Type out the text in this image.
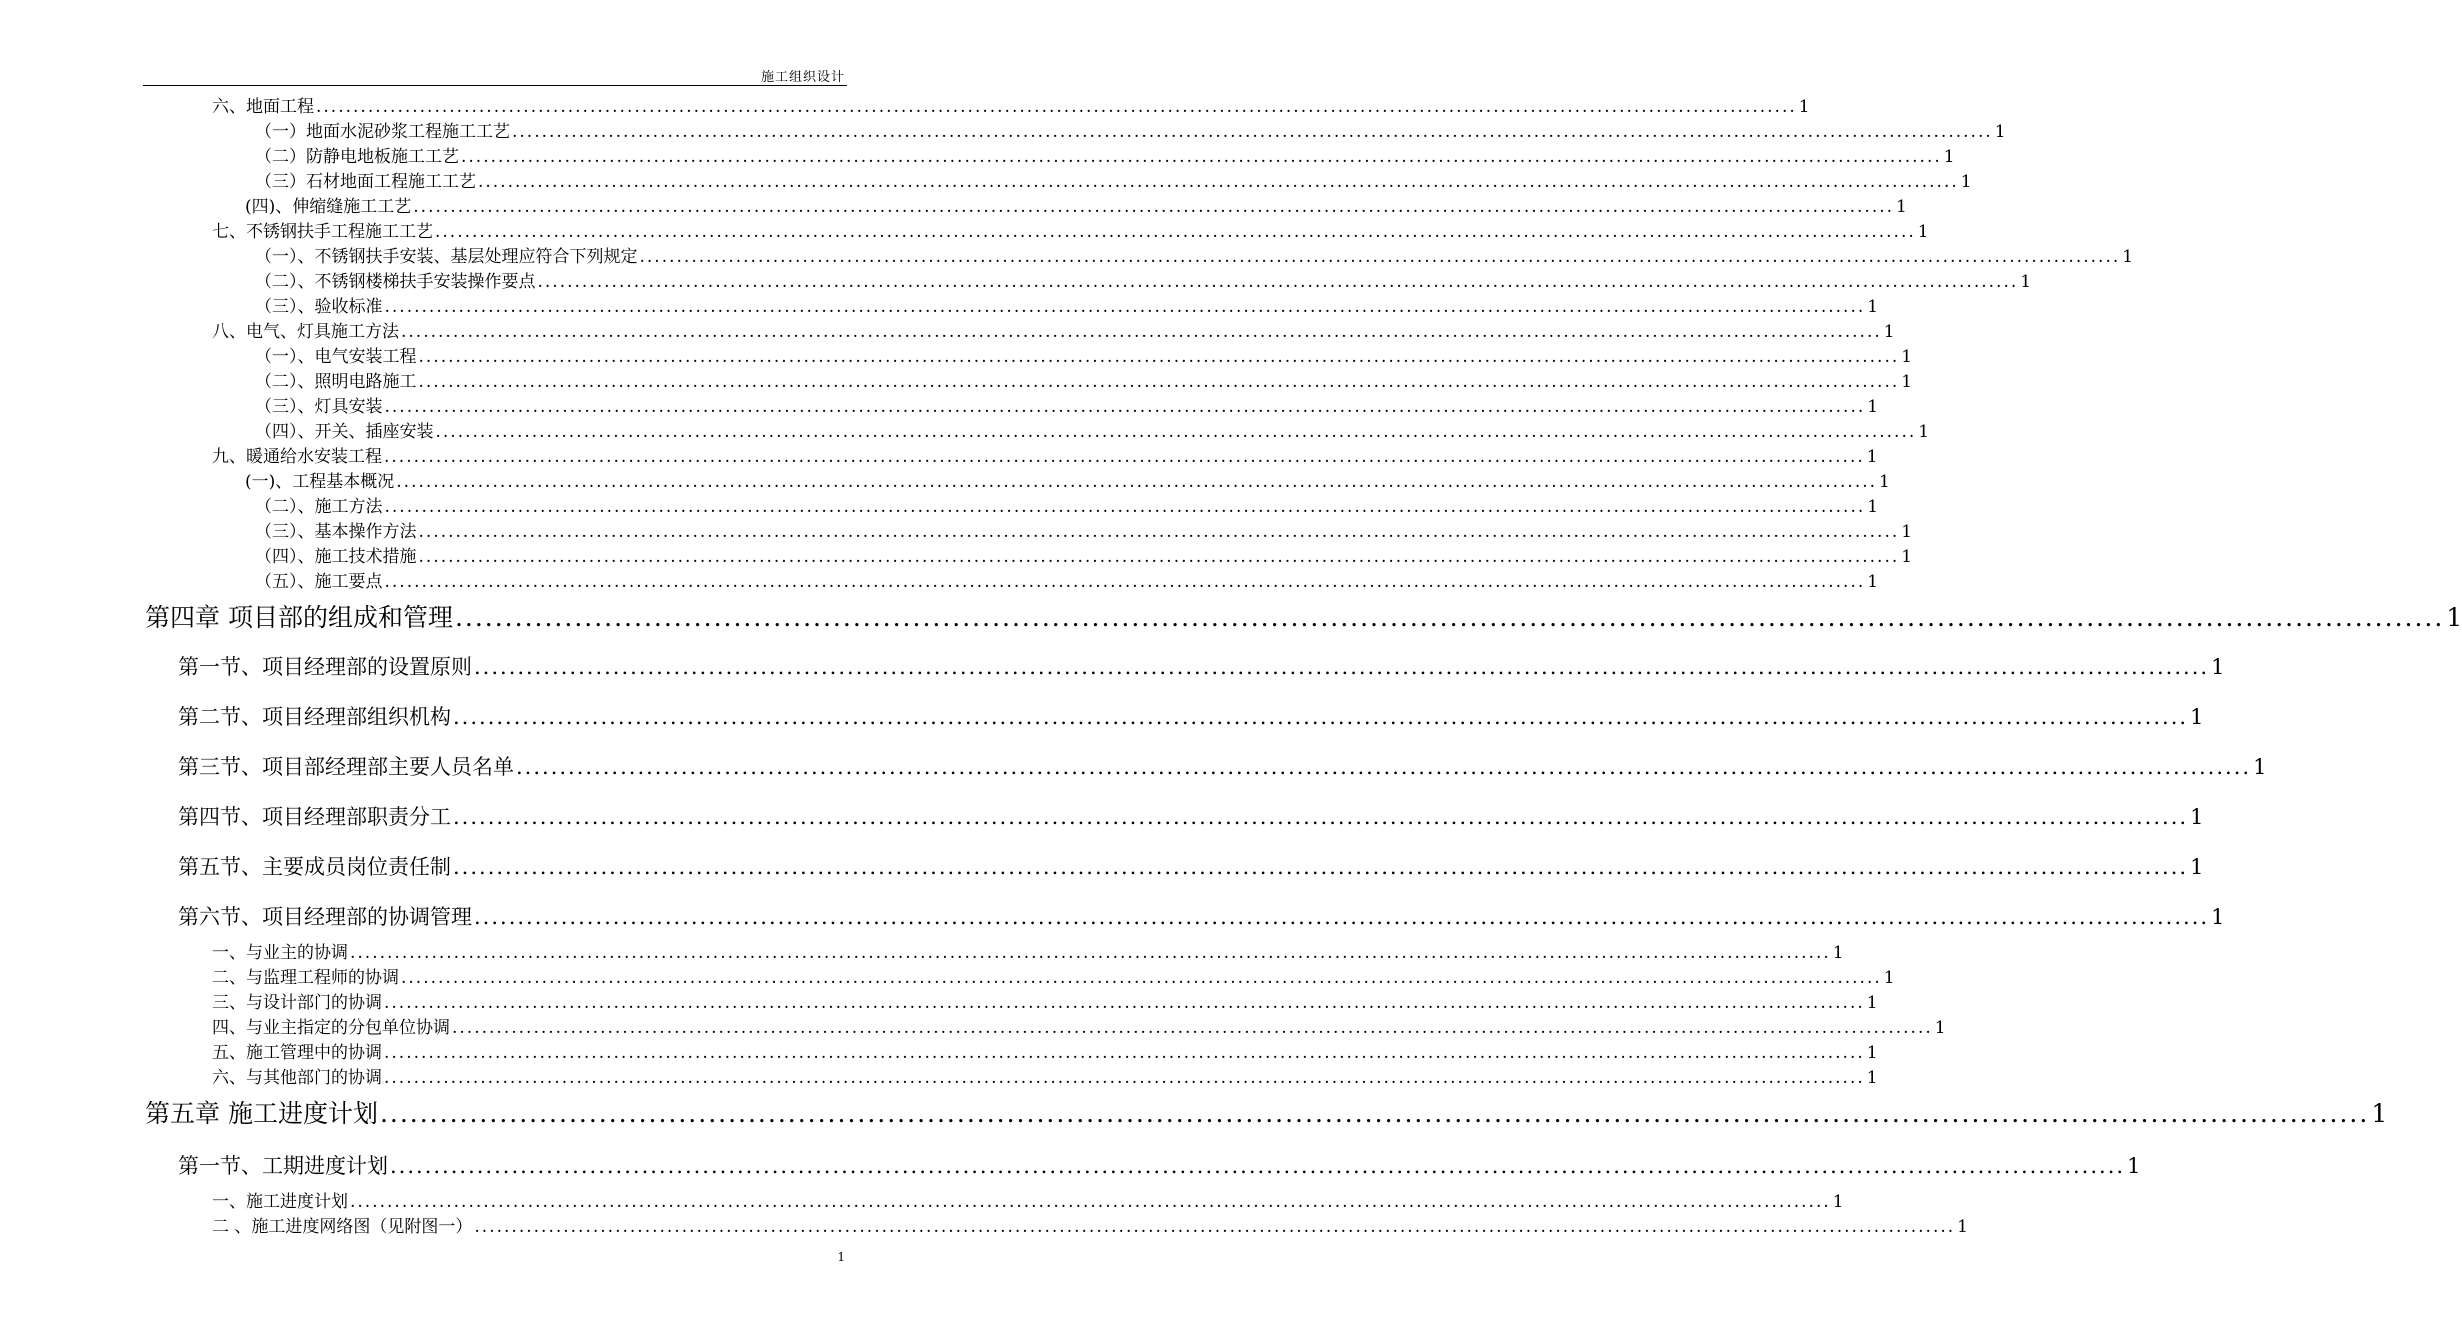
施工组织设计
六、地面工程 ........................................................................................................................................................................................................ 1
（一）地面水泥砂浆工程施工工艺 ........................................................................................................................................................................................................ 1
（二）防静电地板施工工艺 ........................................................................................................................................................................................................ 1
（三）石材地面工程施工工艺 ........................................................................................................................................................................................................ 1
(四)、伸缩缝施工工艺 ........................................................................................................................................................................................................ 1
七、不锈钢扶手工程施工工艺 ........................................................................................................................................................................................................ 1
（一）、不锈钢扶手安装、基层处理应符合下列规定 ........................................................................................................................................................................................................ 1
（二）、不锈钢楼梯扶手安装操作要点 ........................................................................................................................................................................................................ 1
（三）、验收标准 ........................................................................................................................................................................................................ 1
八、电气、灯具施工方法 ........................................................................................................................................................................................................ 1
（一）、电气安装工程 ........................................................................................................................................................................................................ 1
（二）、照明电路施工 ........................................................................................................................................................................................................ 1
（三）、灯具安装 ........................................................................................................................................................................................................ 1
（四）、开关、插座安装 ........................................................................................................................................................................................................ 1
九、暖通给水安装工程 ........................................................................................................................................................................................................ 1
(一)、工程基本概况 ........................................................................................................................................................................................................ 1
（二）、施工方法 ........................................................................................................................................................................................................ 1
（三）、基本操作方法 ........................................................................................................................................................................................................ 1
（四）、施工技术措施 ........................................................................................................................................................................................................ 1
（五）、施工要点 ........................................................................................................................................................................................................ 1
第四章 项目部的组成和管理 ........................................................................................................................................................................................................ 1
第一节、项目经理部的设置原则 ........................................................................................................................................................................................................ 1
第二节、项目经理部组织机构 ........................................................................................................................................................................................................ 1
第三节、项目部经理部主要人员名单 ........................................................................................................................................................................................................ 1
第四节、项目经理部职责分工 ........................................................................................................................................................................................................ 1
第五节、主要成员岗位责任制 ........................................................................................................................................................................................................ 1
第六节、项目经理部的协调管理 ........................................................................................................................................................................................................ 1
一、与业主的协调 ........................................................................................................................................................................................................ 1
二、与监理工程师的协调 ........................................................................................................................................................................................................ 1
三、与设计部门的协调 ........................................................................................................................................................................................................ 1
四、与业主指定的分包单位协调 ........................................................................................................................................................................................................ 1
五、施工管理中的协调 ........................................................................................................................................................................................................ 1
六、与其他部门的协调 ........................................................................................................................................................................................................ 1
第五章 施工进度计划 ........................................................................................................................................................................................................ 1
第一节、工期进度计划 ........................................................................................................................................................................................................ 1
一、施工进度计划 ........................................................................................................................................................................................................ 1
二 、施工进度网络图（见附图一） ........................................................................................................................................................................................................ 1
1
